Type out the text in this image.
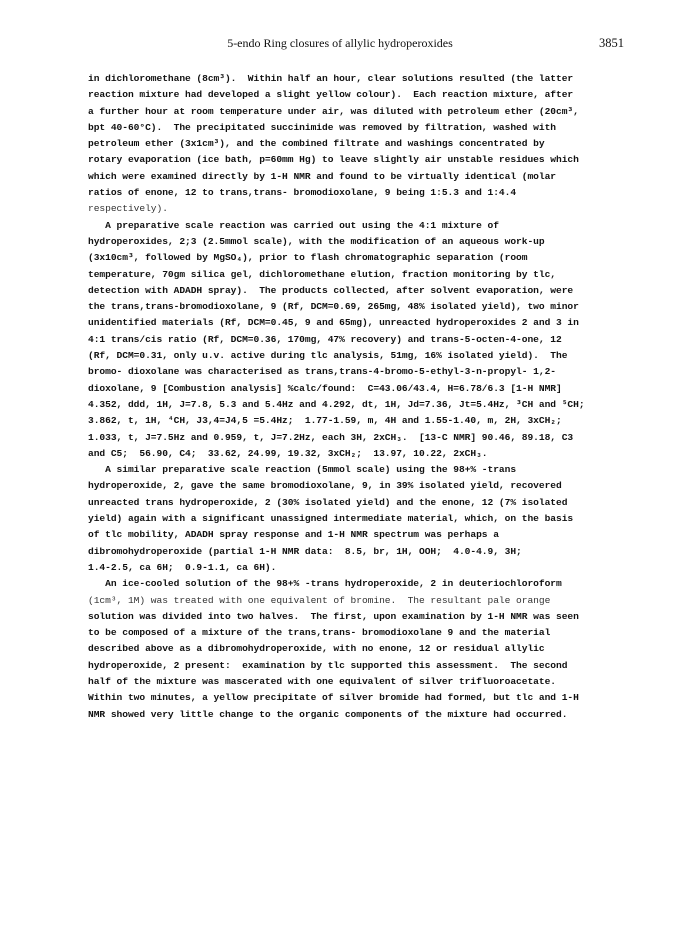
5-endo Ring closures of allylic hydroperoxides	3851
in dichloromethane (8cm³).  Within half an hour, clear solutions resulted (the latter
reaction mixture had developed a slight yellow colour).  Each reaction mixture, after
a further hour at room temperature under air, was diluted with petroleum ether (20cm³,
bpt 40-60°C).  The precipitated succinimide was removed by filtration, washed with
petroleum ether (3x1cm³), and the combined filtrate and washings concentrated by
rotary evaporation (ice bath, p=60mm Hg) to leave slightly air unstable residues which
which were examined directly by 1-H NMR and found to be virtually identical (molar
ratios of enone, 12 to trans,trans- bromodioxolane, 9 being 1:5.3 and 1:4.4
respectively).
A preparative scale reaction was carried out using the 4:1 mixture of
hydroperoxides, 2;3 (2.5mmol scale), with the modification of an aqueous work-up
(3x10cm³, followed by MgSO₄), prior to flash chromatographic separation (room
temperature, 70gm silica gel, dichloromethane elution, fraction monitoring by tlc,
detection with ADADH spray).  The products collected, after solvent evaporation, were
the trans,trans-bromodioxolane, 9 (Rf, DCM=0.69, 265mg, 48% isolated yield), two minor
unidentified materials (Rf, DCM=0.45, 9 and 65mg), unreacted hydroperoxides 2 and 3 in
4:1 trans/cis ratio (Rf, DCM=0.36, 170mg, 47% recovery) and trans-5-octen-4-one, 12
(Rf, DCM=0.31, only u.v. active during tlc analysis, 51mg, 16% isolated yield).  The
bromo- dioxolane was characterised as trans,trans-4-bromo-5-ethyl-3-n-propyl- 1,2-
dioxolane, 9 [Combustion analysis] %calc/found:  C=43.06/43.4, H=6.78/6.3 [1-H NMR]
4.352, ddd, 1H, J=7.8, 5.3 and 5.4Hz and 4.292, dt, 1H, Jd=7.36, Jt=5.4Hz, ³CH and ⁵CH;
3.862, t, 1H, ⁴CH, J3,4=J4,5 =5.4Hz;  1.77-1.59, m, 4H and 1.55-1.40, m, 2H, 3xCH₂;
1.033, t, J=7.5Hz and 0.959, t, J=7.2Hz, each 3H, 2xCH₃.  [13-C NMR] 90.46, 89.18, C3
and C5;  56.90, C4;  33.62, 24.99, 19.32, 3xCH₂;  13.97, 10.22, 2xCH₃.
A similar preparative scale reaction (5mmol scale) using the 98+% -trans
hydroperoxide, 2, gave the same bromodioxolane, 9, in 39% isolated yield, recovered
unreacted trans hydroperoxide, 2 (30% isolated yield) and the enone, 12 (7% isolated
yield) again with a significant unassigned intermediate material, which, on the basis
of tlc mobility, ADADH spray response and 1-H NMR spectrum was perhaps a
dibromohydroperoxide (partial 1-H NMR data:  8.5, br, 1H, OOH;  4.0-4.9, 3H;
1.4-2.5, ca 6H;  0.9-1.1, ca 6H).
An ice-cooled solution of the 98+% -trans hydroperoxide, 2 in deuteriochloroform
(1cm³, 1M) was treated with one equivalent of bromine.  The resultant pale orange
solution was divided into two halves.  The first, upon examination by 1-H NMR was seen
to be composed of a mixture of the trans,trans- bromodioxolane 9 and the material
described above as a dibromohydroperoxide, with no enone, 12 or residual allylic
hydroperoxide, 2 present:  examination by tlc supported this assessment.  The second
half of the mixture was mascerated with one equivalent of silver trifluoroacetate.
Within two minutes, a yellow precipitate of silver bromide had formed, but tlc and 1-H
NMR showed very little change to the organic components of the mixture had occurred.
